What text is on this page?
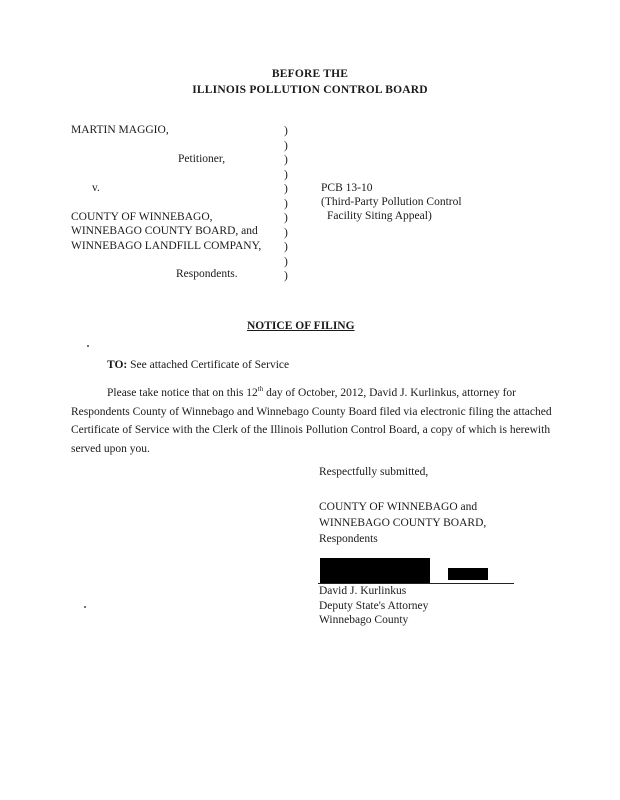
BEFORE THE
ILLINOIS POLLUTION CONTROL BOARD
MARTIN MAGGIO,
Petitioner,
v.
COUNTY OF WINNEBAGO,
WINNEBAGO COUNTY BOARD, and
WINNEBAGO LANDFILL COMPANY,
Respondents.
)
)
)
)
)
)
)
)
)
)
)
PCB 13-10
(Third-Party Pollution Control
Facility Siting Appeal)
NOTICE OF FILING
TO: See attached Certificate of Service
Please take notice that on this 12th day of October, 2012, David J. Kurlinkus, attorney for Respondents County of Winnebago and Winnebago County Board filed via electronic filing the attached Certificate of Service with the Clerk of the Illinois Pollution Control Board, a copy of which is herewith served upon you.
Respectfully submitted,
COUNTY OF WINNEBAGO and
WINNEBAGO COUNTY BOARD,
Respondents
David J. Kurlinkus
Deputy State's Attorney
Winnebago County
